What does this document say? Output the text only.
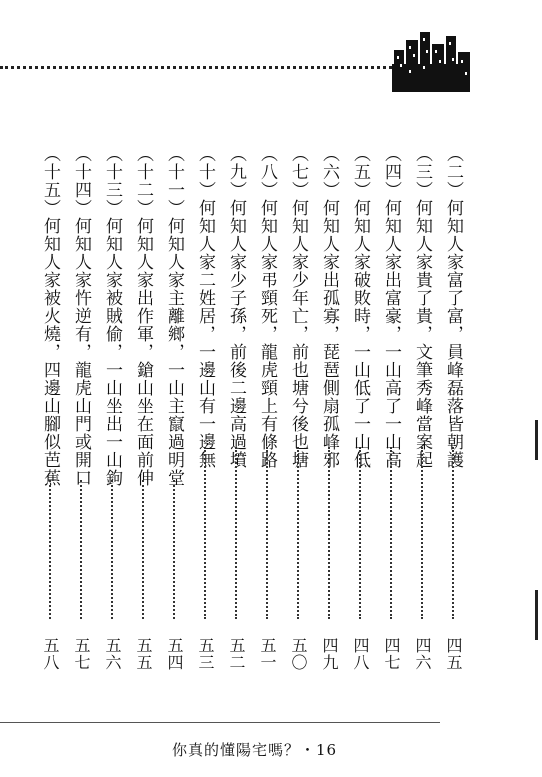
（二）何知人家富了富，員峰磊落皆朝護
四五
（三）何知人家貴了貴，文筆秀峰當案起
四六
（四）何知人家出富豪，一山高了一山高
四七
（五）何知人家破敗時，一山低了一山低
四八
（六）何知人家出孤寡，琵琶側扇孤峰邪
四九
（七）何知人家少年亡，前也塘兮後也塘
五〇
（八）何知人家弔頸死，龍虎頸上有條路
五一
（九）何知人家少子孫，前後二邊高過墳
五二
（十）何知人家二姓居，一邊山有一邊無
五三
（十一）何知人家主離鄉，一山主竄過明堂
五四
（十二）何知人家出作軍，鎗山坐在面前伸
五五
（十三）何知人家被賊偷，一山坐出一山鉤
五六
（十四）何知人家忤逆有，龍虎山門或開口
五七
（十五）何知人家被火燒，四邊山腳似芭蕉
五八
你真的懂陽宅嗎？・16
